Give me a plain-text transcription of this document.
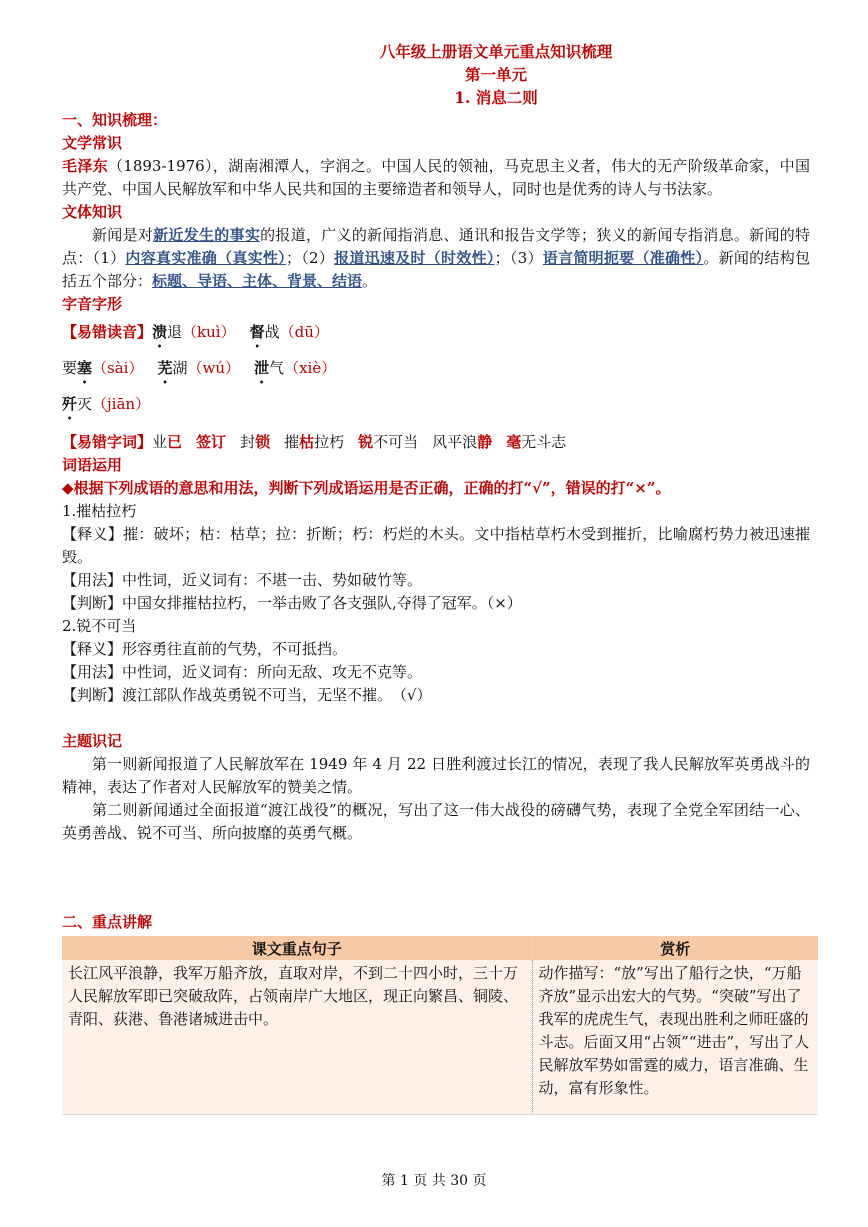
八年级上册语文单元重点知识梳理
第一单元
1. 消息二则
一、知识梳理：
文学常识
毛泽东（1893-1976），湖南湘潭人，字润之。中国人民的领袖，马克思主义者，伟大的无产阶级革命家，中国共产党、中国人民解放军和中华人民共和国的主要缔造者和领导人，同时也是优秀的诗人与书法家。
文体知识
新闻是对新近发生的事实的报道，广义的新闻指消息、通讯和报告文学等；狭义的新闻专指消息。新闻的特点：（1）内容真实准确（真实性）；（2）报道迅速及时（时效性）；（3）语言简明扼要（准确性）。新闻的结构包括五个部分：标题、导语、主体、背景、结语。
字音字形
【易错读音】溃退（kuì） 督战（dū）
要塞（sài） 芜湖（wú） 泄气（xiè）
歼灭（jiān）
【易错字词】业已 签订 封锁 摧枯拉朽 锐不可当 风平浪静 毫无斗志
词语运用
◆根据下列成语的意思和用法，判断下列成语运用是否正确，正确的打“√”，错误的打“×”。
1.摧枯拉朽
【释义】摧：破坏；枯：枯草；拉：折断；朽：朽烂的木头。文中指枯草朽木受到摧折，比喻腐朽势力被迅速摧毁。
【用法】中性词，近义词有：不堪一击、势如破竹等。
【判断】中国女排摧枯拉朽，一举击败了各支强队,夺得了冠军。（×）
2.锐不可当
【释义】形容勇往直前的气势，不可抵挡。
【用法】中性词，近义词有：所向无敌、攻无不克等。
【判断】渡江部队作战英勇锐不可当，无坚不摧。　（√）
主题识记
第一则新闻报道了人民解放军在 1949 年 4 月 22 日胜利渡过长江的情况，表现了我人民解放军英勇战斗的精神，表达了作者对人民解放军的赞美之情。
第二则新闻通过全面报道“渡江战役”的概况，写出了这一伟大战役的磅礴气势，表现了全党全军团结一心、英勇善战、锐不可当、所向披靡的英勇气概。
二、重点讲解
课文重点句子	赏析
长江风平浪静，我军万船齐放，直取对岸，不到二十四小时，三十万人民解放军即已突破敌阵，占领南岸广大地区，现正向繁昌、铜陵、青阳、荻港、鲁港诸城进击中。	动作描写：“放”写出了船行之快，“万船齐放”显示出宏大的气势。“突破”写出了我军的虎虎生气，表现出胜利之师旺盛的斗志。后面又用“占领”“进击”，写出了人民解放军势如雷霆的威力，语言准确、生动，富有形象性。
第 1 页 共 30 页
